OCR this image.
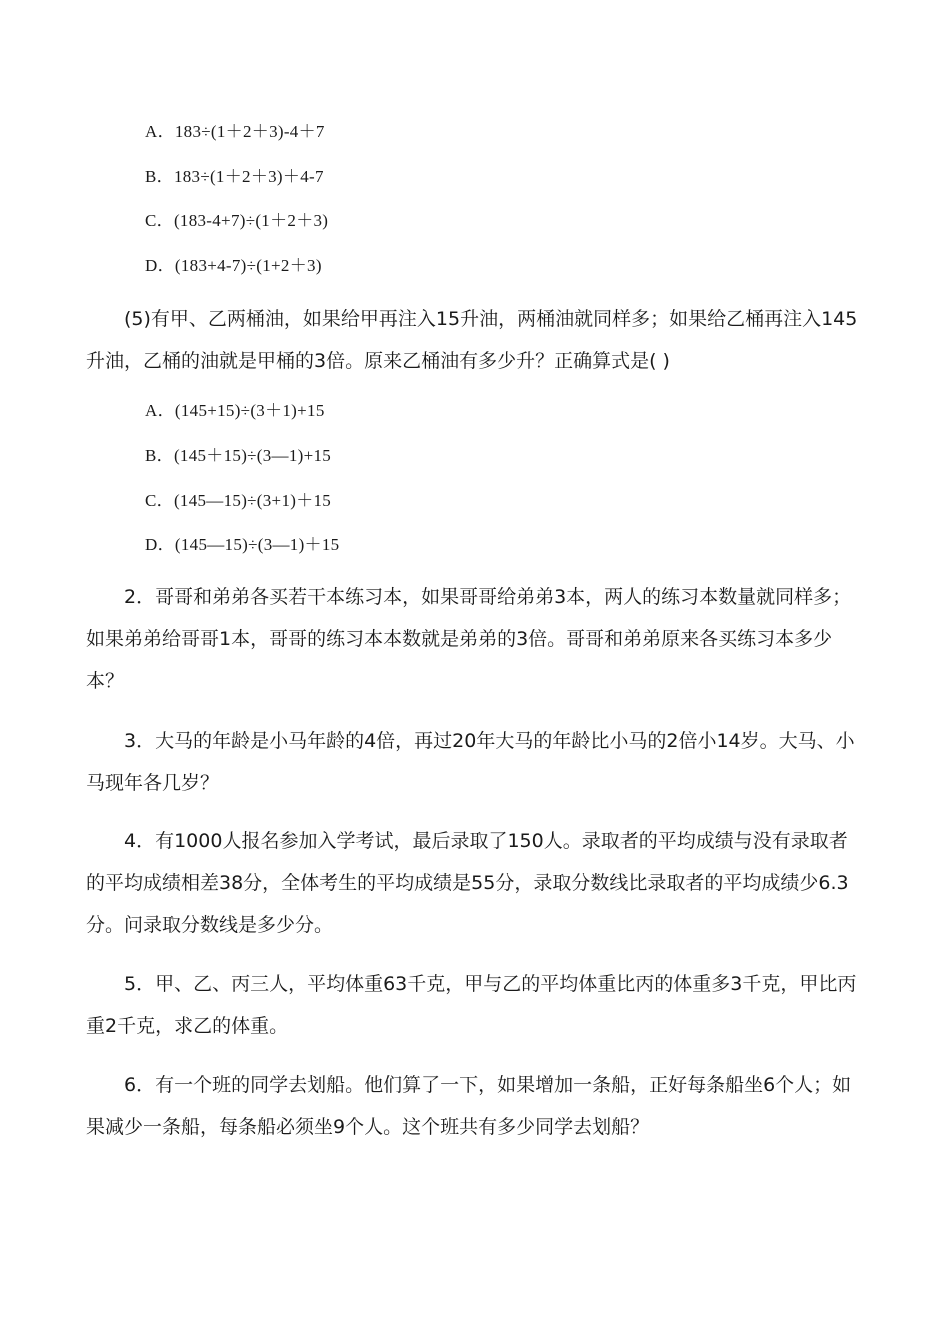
A．183÷(1＋2＋3)-4＋7
B．183÷(1＋2＋3)＋4-7
C．(183-4+7)÷(1＋2＋3)
D．(183+4-7)÷(1+2＋3)

(5)有甲、乙两桶油，如果给甲再注入15升油，两桶油就同样多；如果给乙桶再注入145升油，乙桶的油就是甲桶的3倍。原来乙桶油有多少升？正确算式是( )

A．(145+15)÷(3＋1)+15
B．(145＋15)÷(3—1)+15
C．(145—15)÷(3+1)＋15
D．(145—15)÷(3—1)＋15

2．哥哥和弟弟各买若干本练习本，如果哥哥给弟弟3本，两人的练习本数量就同样多；如果弟弟给哥哥1本，哥哥的练习本本数就是弟弟的3倍。哥哥和弟弟原来各买练习本多少本？

3．大马的年龄是小马年龄的4倍，再过20年大马的年龄比小马的2倍小14岁。大马、小马现年各几岁？

4．有1000人报名参加入学考试，最后录取了150人。录取者的平均成绩与没有录取者的平均成绩相差38分，全体考生的平均成绩是55分，录取分数线比录取者的平均成绩少6.3分。问录取分数线是多少分。

5．甲、乙、丙三人，平均体重63千克，甲与乙的平均体重比丙的体重多3千克，甲比丙重2千克，求乙的体重。

6．有一个班的同学去划船。他们算了一下，如果增加一条船，正好每条船坐6个人；如果减少一条船，每条船必须坐9个人。这个班共有多少同学去划船？
